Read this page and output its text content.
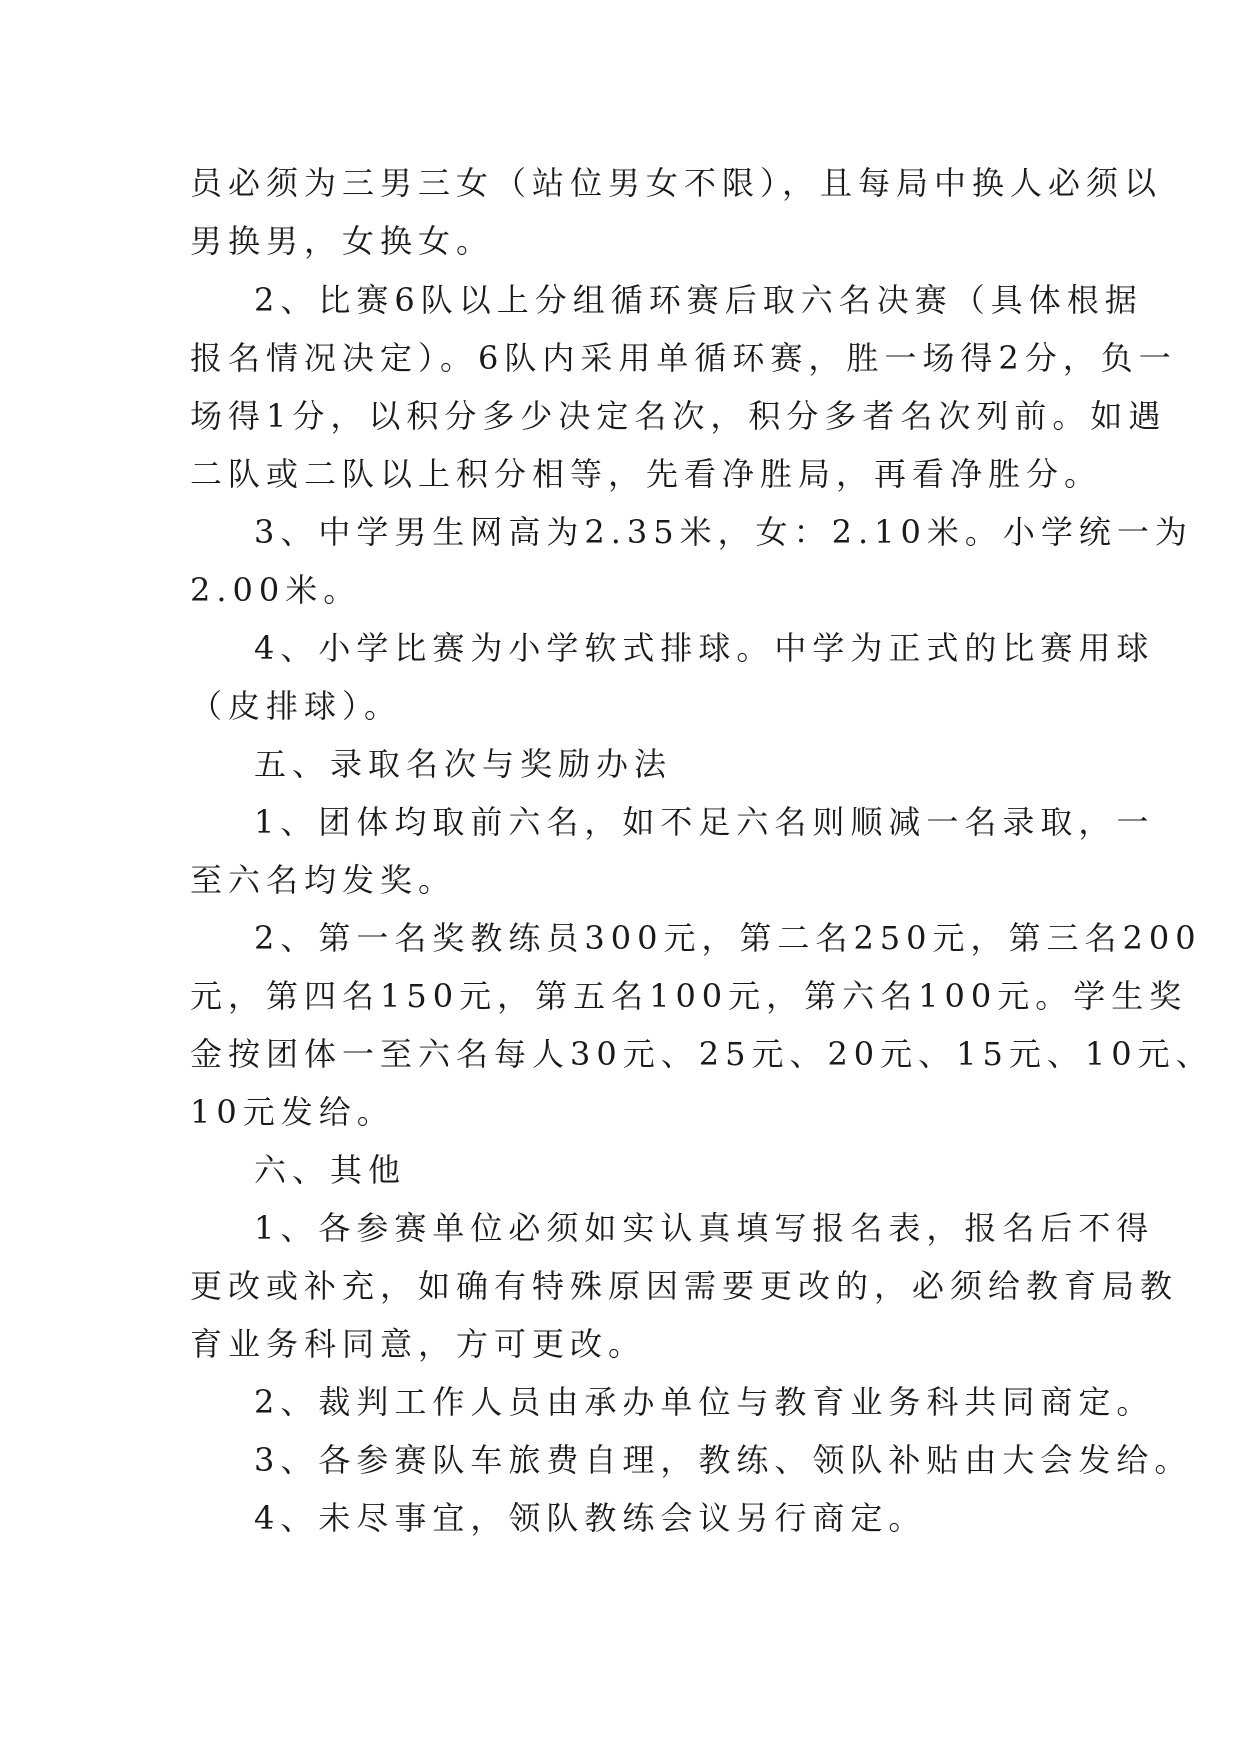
员必须为三男三女（站位男女不限），且每局中换人必须以
男换男，女换女。
2、比赛6队以上分组循环赛后取六名决赛（具体根据
报名情况决定）。6队内采用单循环赛，胜一场得2分，负一
场得1分，以积分多少决定名次，积分多者名次列前。如遇
二队或二队以上积分相等，先看净胜局，再看净胜分。
3、中学男生网高为2.35米，女：2.10米。小学统一为
2.00米。
4、小学比赛为小学软式排球。中学为正式的比赛用球
（皮排球）。
五、录取名次与奖励办法
1、团体均取前六名，如不足六名则顺减一名录取，一
至六名均发奖。
2、第一名奖教练员300元，第二名250元，第三名200
元，第四名150元，第五名100元，第六名100元。学生奖
金按团体一至六名每人30元、25元、20元、15元、10元、
10元发给。
六、其他
1、各参赛单位必须如实认真填写报名表，报名后不得
更改或补充，如确有特殊原因需要更改的，必须给教育局教
育业务科同意，方可更改。
2、裁判工作人员由承办单位与教育业务科共同商定。
3、各参赛队车旅费自理，教练、领队补贴由大会发给。
4、未尽事宜，领队教练会议另行商定。
